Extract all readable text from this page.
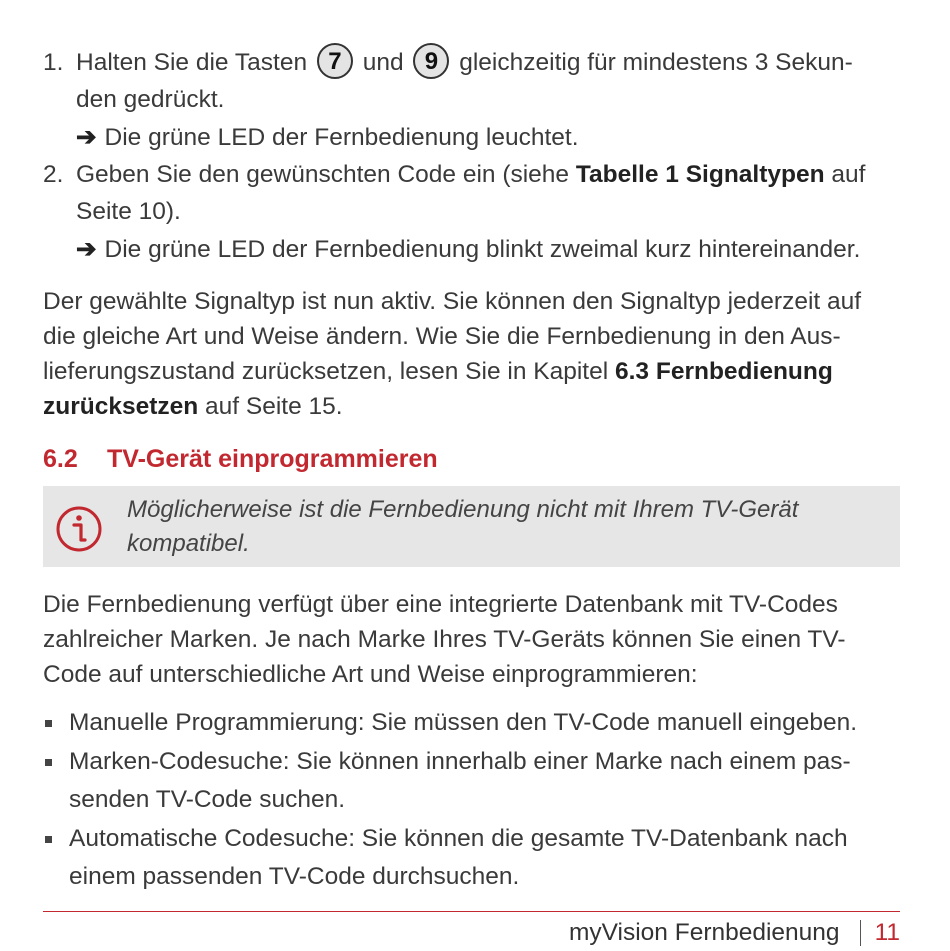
1. Halten Sie die Tasten 7 und 9 gleichzeitig für mindestens 3 Sekun-
den gedrückt.
➔ Die grüne LED der Fernbedienung leuchtet.
2. Geben Sie den gewünschten Code ein (siehe Tabelle 1 Signaltypen auf
Seite 10).
➔ Die grüne LED der Fernbedienung blinkt zweimal kurz hintereinander.
Der gewählte Signaltyp ist nun aktiv. Sie können den Signaltyp jederzeit auf
die gleiche Art und Weise ändern. Wie Sie die Fernbedienung in den Aus-
lieferungszustand zurücksetzen, lesen Sie in Kapitel 6.3 Fernbedienung
zurücksetzen auf Seite 15.
6.2 TV-Gerät einprogrammieren
Möglicherweise ist die Fernbedienung nicht mit Ihrem TV-Gerät
kompatibel.
Die Fernbedienung verfügt über eine integrierte Datenbank mit TV-Codes
zahlreicher Marken. Je nach Marke Ihres TV-Geräts können Sie einen TV-
Code auf unterschiedliche Art und Weise einprogrammieren:
Manuelle Programmierung: Sie müssen den TV-Code manuell eingeben.
Marken-Codesuche: Sie können innerhalb einer Marke nach einem pas-
senden TV-Code suchen.
Automatische Codesuche: Sie können die gesamte TV-Datenbank nach
einem passenden TV-Code durchsuchen.
myVision Fernbedienung 11
